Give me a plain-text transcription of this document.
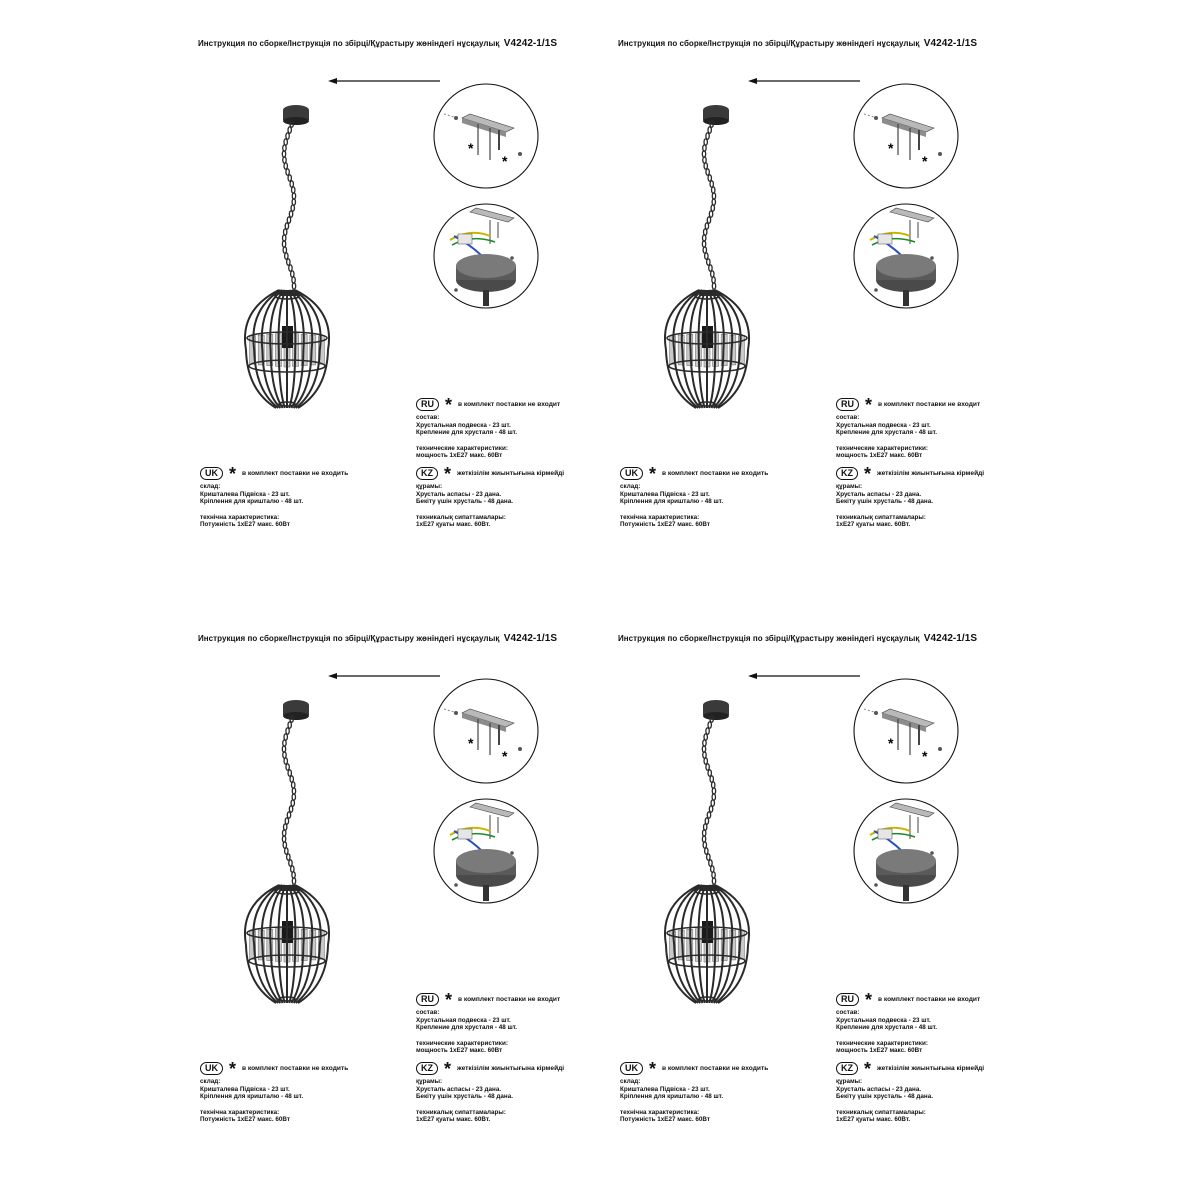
*
*
Инструкция по сборке/Інструкція по збірці/Құрастыру жөніндегі нұсқаулық V4242-1/1S
RU * в комплект поставки не входит
состав:
Хрустальная подвеска - 23 шт.
Крепление для хрусталя - 48 шт.
технические характеристики:
мощность 1xE27 макс. 60Вт
KZ * жеткізілім жиынтығына кірмейді
құрамы:
Хрусталь аспасы - 23 дана.
Бекіту үшін хрусталь - 48 дана.
техникалық сипаттамалары:
1xE27 қуаты макс. 60Вт.
UK * в комплект поставки не входить
склад:
Кришталева Підвіска - 23 шт.
Кріплення для кришталю - 48 шт.
технічна характеристика:
Потужність 1xE27 макс. 60Вт
*
*
Инструкция по сборке/Інструкція по збірці/Құрастыру жөніндегі нұсқаулық V4242-1/1S
RU * в комплект поставки не входит
состав:
Хрустальная подвеска - 23 шт.
Крепление для хрусталя - 48 шт.
технические характеристики:
мощность 1xE27 макс. 60Вт
KZ * жеткізілім жиынтығына кірмейді
құрамы:
Хрусталь аспасы - 23 дана.
Бекіту үшін хрусталь - 48 дана.
техникалық сипаттамалары:
1xE27 қуаты макс. 60Вт.
UK * в комплект поставки не входить
склад:
Кришталева Підвіска - 23 шт.
Кріплення для кришталю - 48 шт.
технічна характеристика:
Потужність 1xE27 макс. 60Вт
*
*
Инструкция по сборке/Інструкція по збірці/Құрастыру жөніндегі нұсқаулық V4242-1/1S
RU * в комплект поставки не входит
состав:
Хрустальная подвеска - 23 шт.
Крепление для хрусталя - 48 шт.
технические характеристики:
мощность 1xE27 макс. 60Вт
KZ * жеткізілім жиынтығына кірмейді
құрамы:
Хрусталь аспасы - 23 дана.
Бекіту үшін хрусталь - 48 дана.
техникалық сипаттамалары:
1xE27 қуаты макс. 60Вт.
UK * в комплект поставки не входить
склад:
Кришталева Підвіска - 23 шт.
Кріплення для кришталю - 48 шт.
технічна характеристика:
Потужність 1xE27 макс. 60Вт
*
*
Инструкция по сборке/Інструкція по збірці/Құрастыру жөніндегі нұсқаулық V4242-1/1S
RU * в комплект поставки не входит
состав:
Хрустальная подвеска - 23 шт.
Крепление для хрусталя - 48 шт.
технические характеристики:
мощность 1xE27 макс. 60Вт
KZ * жеткізілім жиынтығына кірмейді
құрамы:
Хрусталь аспасы - 23 дана.
Бекіту үшін хрусталь - 48 дана.
техникалық сипаттамалары:
1xE27 қуаты макс. 60Вт.
UK * в комплект поставки не входить
склад:
Кришталева Підвіска - 23 шт.
Кріплення для кришталю - 48 шт.
технічна характеристика:
Потужність 1xE27 макс. 60Вт
